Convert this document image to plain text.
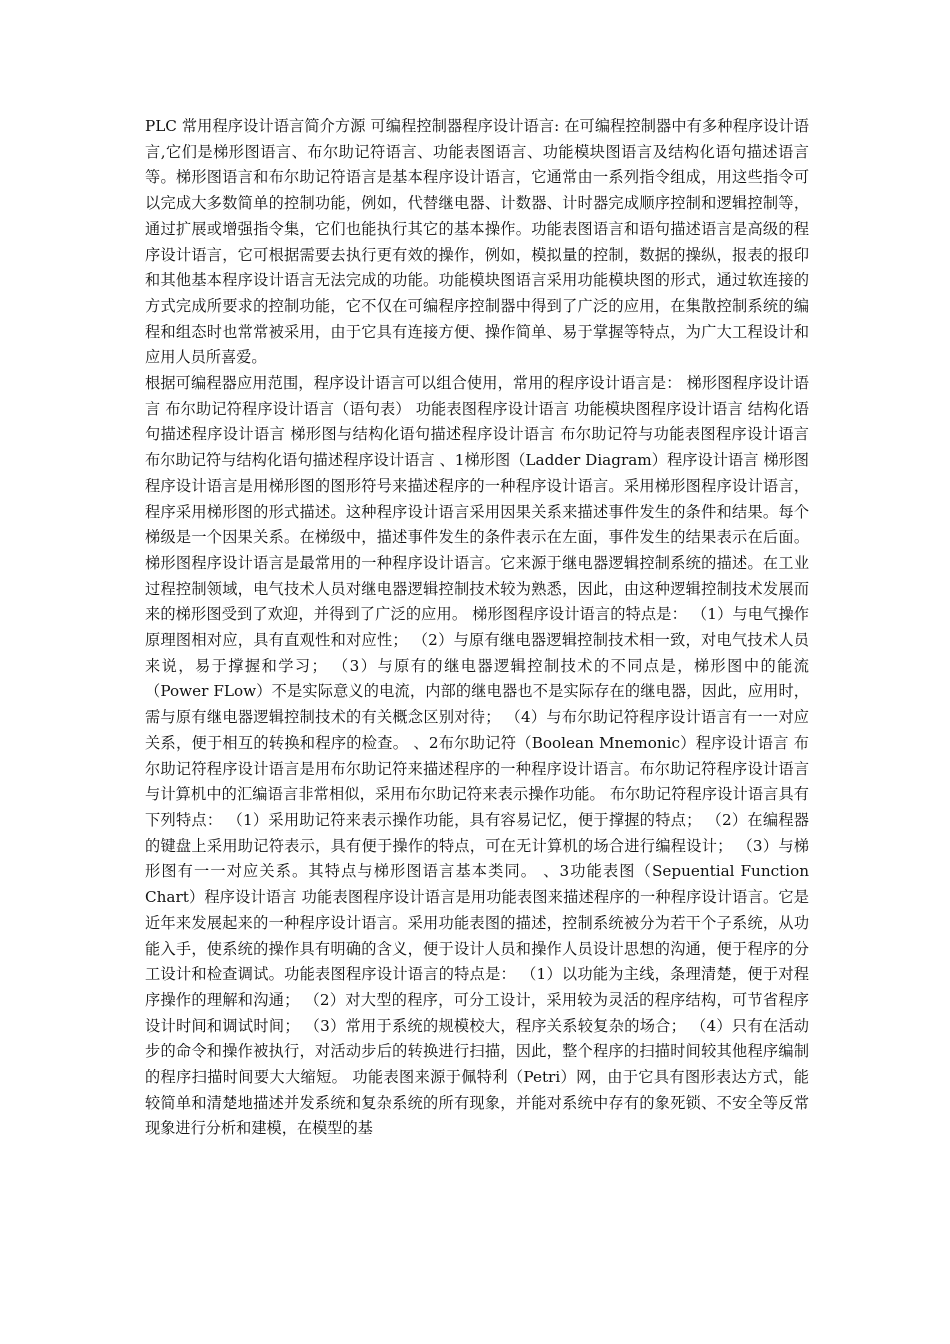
PLC 常用程序设计语言简介方源 可编程控制器程序设计语言: 在可编程控制器中有多种程序设计语言,它们是梯形图语言、布尔助记符语言、功能表图语言、功能模块图语言及结构化语句描述语言等。梯形图语言和布尔助记符语言是基本程序设计语言，它通常由一系列指令组成，用这些指令可以完成大多数简单的控制功能，例如，代替继电器、计数器、计时器完成顺序控制和逻辑控制等，通过扩展或增强指令集，它们也能执行其它的基本操作。功能表图语言和语句描述语言是高级的程序设计语言，它可根据需要去执行更有效的操作，例如，模拟量的控制，数据的操纵，报表的报印和其他基本程序设计语言无法完成的功能。功能模块图语言采用功能模块图的形式，通过软连接的方式完成所要求的控制功能，它不仅在可编程序控制器中得到了广泛的应用，在集散控制系统的编程和组态时也常常被采用，由于它具有连接方便、操作简单、易于掌握等特点，为广大工程设计和应用人员所喜爱。

根据可编程器应用范围，程序设计语言可以组合使用，常用的程序设计语言是： 梯形图程序设计语言 布尔助记符程序设计语言（语句表） 功能表图程序设计语言 功能模块图程序设计语言 结构化语句描述程序设计语言 梯形图与结构化语句描述程序设计语言 布尔助记符与功能表图程序设计语言 布尔助记符与结构化语句描述程序设计语言 、1梯形图（Ladder Diagram）程序设计语言 梯形图程序设计语言是用梯形图的图形符号来描述程序的一种程序设计语言。采用梯形图程序设计语言，程序采用梯形图的形式描述。这种程序设计语言采用因果关系来描述事件发生的条件和结果。每个梯级是一个因果关系。在梯级中，描述事件发生的条件表示在左面，事件发生的结果表示在后面。 梯形图程序设计语言是最常用的一种程序设计语言。它来源于继电器逻辑控制系统的描述。在工业过程控制领域，电气技术人员对继电器逻辑控制技术较为熟悉，因此，由这种逻辑控制技术发展而来的梯形图受到了欢迎，并得到了广泛的应用。 梯形图程序设计语言的特点是： （1）与电气操作原理图相对应，具有直观性和对应性； （2）与原有继电器逻辑控制技术相一致，对电气技术人员来说，易于撑握和学习； （3）与原有的继电器逻辑控制技术的不同点是，梯形图中的能流（Power FLow）不是实际意义的电流，内部的继电器也不是实际存在的继电器，因此，应用时，需与原有继电器逻辑控制技术的有关概念区别对待； （4）与布尔助记符程序设计语言有一一对应关系，便于相互的转换和程序的检查。 、2布尔助记符（Boolean Mnemonic）程序设计语言 布尔助记符程序设计语言是用布尔助记符来描述程序的一种程序设计语言。布尔助记符程序设计语言与计算机中的汇编语言非常相似，采用布尔助记符来表示操作功能。 布尔助记符程序设计语言具有下列特点： （1）采用助记符来表示操作功能，具有容易记忆，便于撑握的特点； （2）在编程器的键盘上采用助记符表示，具有便于操作的特点，可在无计算机的场合进行编程设计； （3）与梯形图有一一对应关系。其特点与梯形图语言基本类同。 、3功能表图（Sepuential Function Chart）程序设计语言 功能表图程序设计语言是用功能表图来描述程序的一种程序设计语言。它是近年来发展起来的一种程序设计语言。采用功能表图的描述，控制系统被分为若干个子系统，从功能入手，使系统的操作具有明确的含义，便于设计人员和操作人员设计思想的沟通，便于程序的分工设计和检查调试。功能表图程序设计语言的特点是： （1）以功能为主线，条理清楚，便于对程序操作的理解和沟通； （2）对大型的程序，可分工设计，采用较为灵活的程序结构，可节省程序设计时间和调试时间； （3）常用于系统的规模校大，程序关系较复杂的场合； （4）只有在活动步的命令和操作被执行，对活动步后的转换进行扫描，因此，整个程序的扫描时间较其他程序编制的程序扫描时间要大大缩短。 功能表图来源于佩特利（Petri）网，由于它具有图形表达方式，能较简单和清楚地描述并发系统和复杂系统的所有现象，并能对系统中存有的象死锁、不安全等反常现象进行分析和建模，在模型的基
